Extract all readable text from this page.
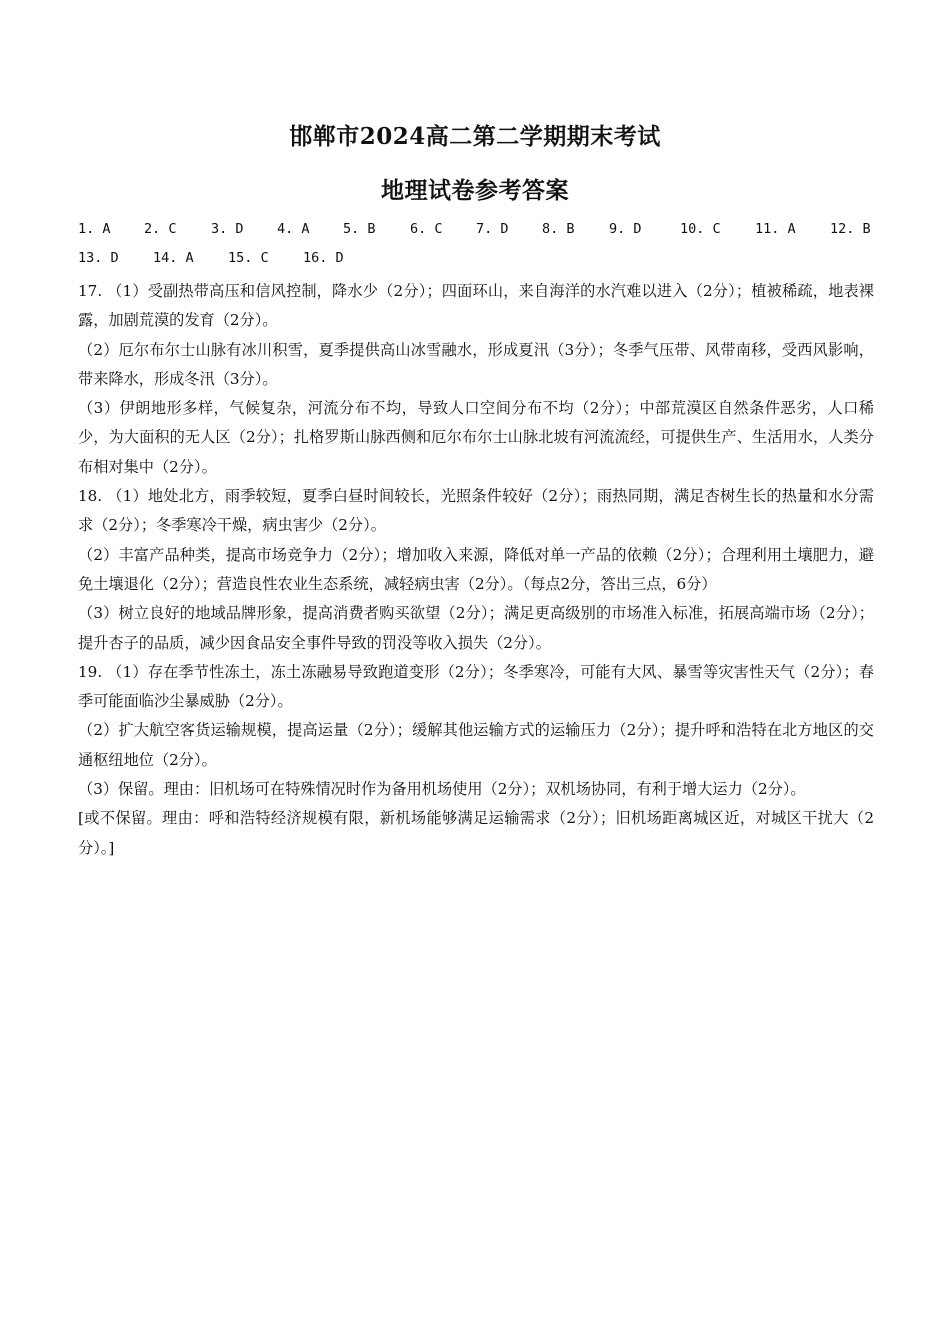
邯郸市2024高二第二学期期末考试
地理试卷参考答案
1. A 2. C	3. D 4. A 5. B	6. C 7. D 8. B	9. D	10. C	11. A	12. B
13. D	14. A	15. C	16. D

17. （1）受副热带高压和信风控制，降水少（2分）；四面环山，来自海洋的水汽难以进入（2分）；植被稀疏，地表裸露，加剧荒漠的发育（2分）。

（2）厄尔布尔士山脉有冰川积雪，夏季提供高山冰雪融水，形成夏汛（3分）；冬季气压带、风带南移，受西风影响，带来降水，形成冬汛（3分）。

（3）伊朗地形多样，气候复杂，河流分布不均，导致人口空间分布不均（2分）；中部荒漠区自然条件恶劣，人口稀少，为大面积的无人区（2分）；扎格罗斯山脉西侧和厄尔布尔士山脉北坡有河流流经，可提供生产、生活用水，人类分布相对集中（2分）。

18. （1）地处北方，雨季较短，夏季白昼时间较长，光照条件较好（2分）；雨热同期，满足杏树生长的热量和水分需求（2分）；冬季寒冷干燥，病虫害少（2分）。

（2）丰富产品种类，提高市场竞争力（2分）；增加收入来源，降低对单一产品的依赖（2分）；合理利用土壤肥力，避免土壤退化（2分）；营造良性农业生态系统，减轻病虫害（2分）。（每点2分，答出三点，6分）

（3）树立良好的地域品牌形象，提高消费者购买欲望（2分）；满足更高级别的市场准入标准，拓展高端市场（2分）；提升杏子的品质，减少因食品安全事件导致的罚没等收入损失（2分）。

19. （1）存在季节性冻土，冻土冻融易导致跑道变形（2分）；冬季寒冷，可能有大风、暴雪等灾害性天气（2分）；春季可能面临沙尘暴威胁（2分）。

（2）扩大航空客货运输规模，提高运量（2分）；缓解其他运输方式的运输压力（2分）；提升呼和浩特在北方地区的交通枢纽地位（2分）。

（3）保留。理由：旧机场可在特殊情况时作为备用机场使用（2分）；双机场协同，有利于增大运力（2分）。

[或不保留。理由：呼和浩特经济规模有限，新机场能够满足运输需求（2分）；旧机场距离城区近，对城区干扰大（2分）。]
